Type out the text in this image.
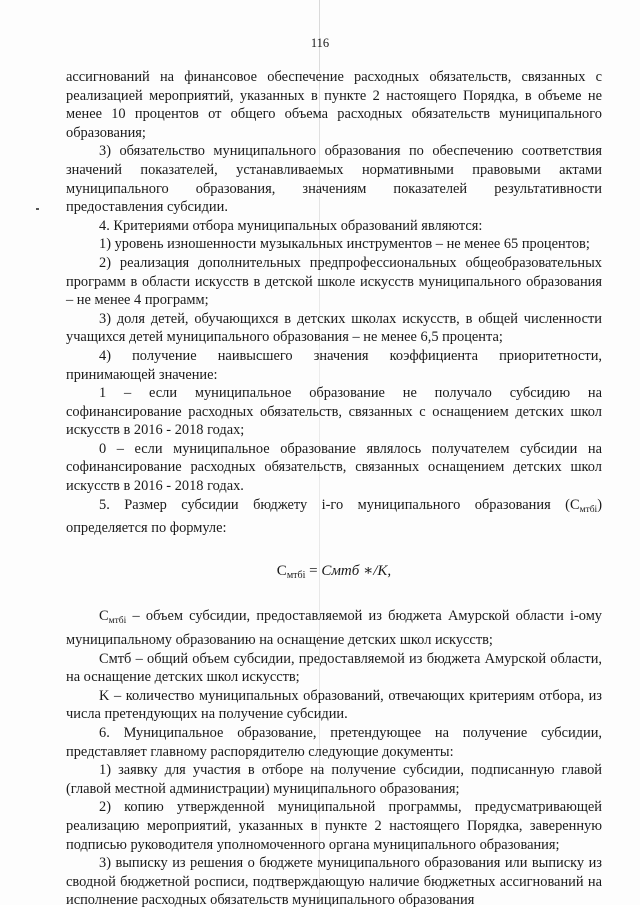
116

ассигнований на финансовое обеспечение расходных обязательств, связанных с реализацией мероприятий, указанных в пункте 2 настоящего Порядка, в объеме не менее 10 процентов от общего объема расходных обязательств муниципального образования;

3) обязательство муниципального образования по обеспечению соответствия значений показателей, устанавливаемых нормативными правовыми актами муниципального образования, значениям показателей результативности предоставления субсидии.

4. Критериями отбора муниципальных образований являются:

1) уровень изношенности музыкальных инструментов – не менее 65 процентов;

2) реализация дополнительных предпрофессиональных общеобразовательных программ в области искусств в детской школе искусств муниципального образования – не менее 4 программ;

3) доля детей, обучающихся в детских школах искусств, в общей численности учащихся детей муниципального образования – не менее 6,5 процента;

4) получение наивысшего значения коэффициента приоритетности, принимающей значение:

1 – если муниципальное образование не получало субсидию на софинансирование расходных обязательств, связанных с оснащением детских школ искусств в 2016 - 2018 годах;

0 – если муниципальное образование являлось получателем субсидии на софинансирование расходных обязательств, связанных оснащением детских школ искусств в 2016 - 2018 годах.

5. Размер субсидии бюджету i-го муниципального образования $(C_{мтбi})$ определяется по формуле:

$C_{мтбi}$ = Смтб ∗/K,

$C_{мтбi}$ – объем субсидии, предоставляемой из бюджета Амурской области i-ому муниципальному образованию на оснащение детских школ искусств;

Смтб – общий объем субсидии, предоставляемой из бюджета Амурской области, на оснащение детских школ искусств;

K – количество муниципальных образований, отвечающих критериям отбора, из числа претендующих на получение субсидии.

6. Муниципальное образование, претендующее на получение субсидии, представляет главному распорядителю следующие документы:

1) заявку для участия в отборе на получение субсидии, подписанную главой (главой местной администрации) муниципального образования;

2) копию утвержденной муниципальной программы, предусматривающей реализацию мероприятий, указанных в пункте 2 настоящего Порядка, заверенную подписью руководителя уполномоченного органа муниципального образования;

3) выписку из решения о бюджете муниципального образования или выписку из сводной бюджетной росписи, подтверждающую наличие бюджетных ассигнований на исполнение расходных обязательств муниципального образования
